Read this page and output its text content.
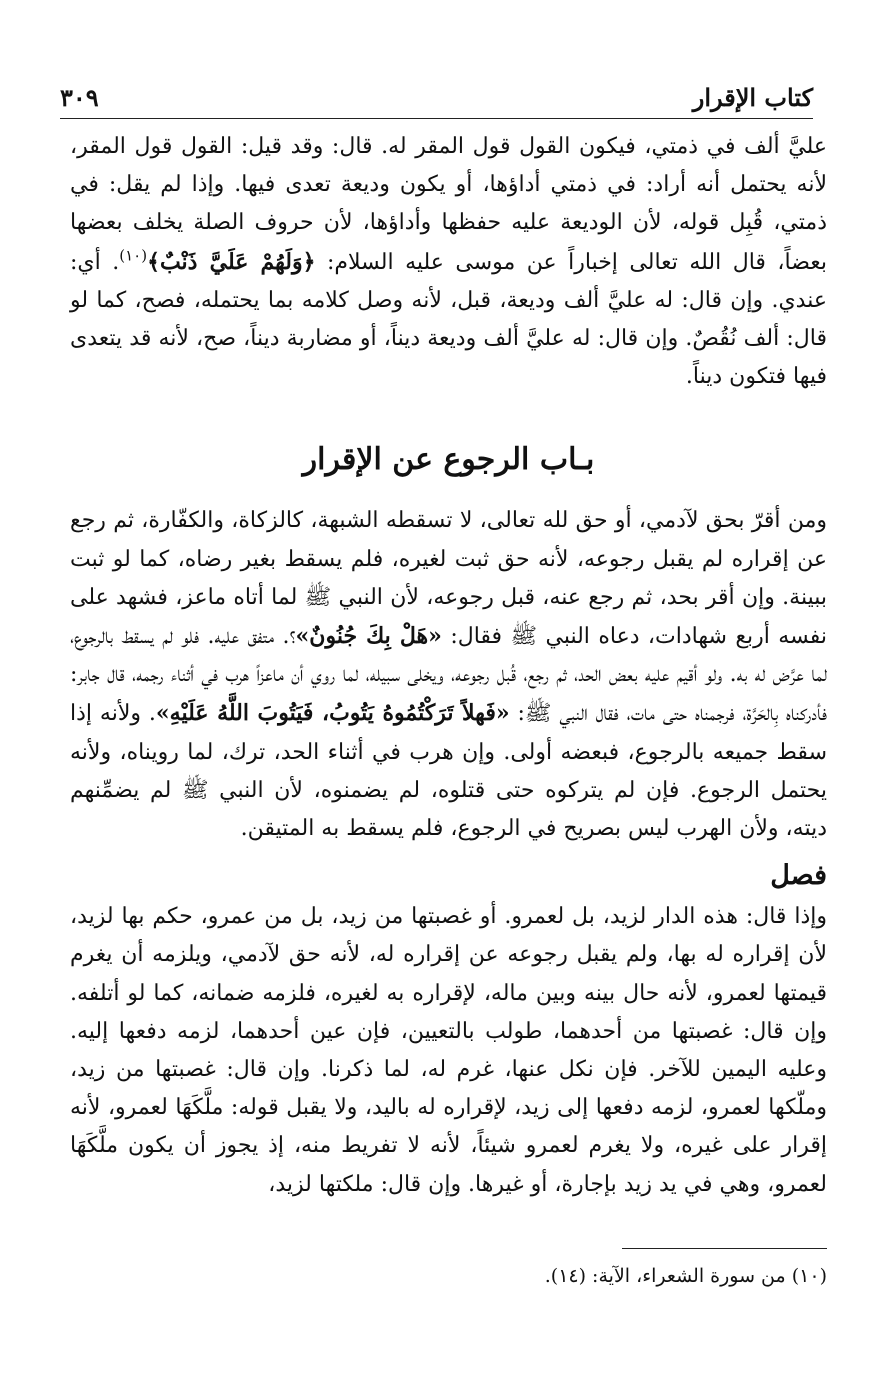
كتاب الإقرار
٣٠٩

عليَّ ألف في ذمتي، فيكون القول قول المقر له. قال: وقد قيل: القول قول المقر، لأنه يحتمل أنه أراد: في ذمتي أداؤها، أو يكون وديعة تعدى فيها. وإذا لم يقل: في ذمتي، قُبِل قوله، لأن الوديعة عليه حفظها وأداؤها، لأن حروف الصلة يخلف بعضها بعضاً، قال الله تعالى إخباراً عن موسى عليه السلام: ﴿وَلَهُمْ عَلَيَّ ذَنْبٌ﴾$^{(١٠)}$. أي: عندي. وإن قال: له عليَّ ألف وديعة، قبل، لأنه وصل كلامه بما يحتمله، فصح، كما لو قال: ألف نُقُصٌ. وإن قال: له عليَّ ألف وديعة ديناً، أو مضاربة ديناً، صح، لأنه قد يتعدى فيها فتكون ديناً.

بـاب الرجوع عن الإقرار

ومن أقرّ بحق لآدمي، أو حق لله تعالى، لا تسقطه الشبهة، كالزكاة، والكفّارة، ثم رجع عن إقراره لم يقبل رجوعه، لأنه حق ثبت لغيره، فلم يسقط بغير رضاه، كما لو ثبت ببينة. وإن أقر بحد، ثم رجع عنه، قبل رجوعه، لأن النبي ﷺ لما أتاه ماعز، فشهد على نفسه أربع شهادات، دعاه النبي ﷺ فقال: «هَلْ بِكَ جُنُونٌ»؟. متفق عليه. فلو لم يسقط بالرجوع، لما عرَّض له به. ولو أقيم عليه بعض الحد، ثم رجع، قُبل رجوعه، ويخلى سبيله، لما روي أن ماعزاً هرب في أثناء رجمه، قال جابر: فأدركناه بِالحَرَّة، فرجمناه حتى مات، فقال النبي ﷺ: «فَهلاً تَرَكْتُمُوهُ يَتُوبُ، فَيَتُوبَ اللَّهُ عَلَيْهِ». ولأنه إذا سقط جميعه بالرجوع، فبعضه أولى. وإن هرب في أثناء الحد، ترك، لما رويناه، ولأنه يحتمل الرجوع. فإن لم يتركوه حتى قتلوه، لم يضمنوه، لأن النبي ﷺ لم يضمِّنهم ديته، ولأن الهرب ليس بصريح في الرجوع، فلم يسقط به المتيقن.

فصل

وإذا قال: هذه الدار لزيد، بل لعمرو. أو غصبتها من زيد، بل من عمرو، حكم بها لزيد، لأن إقراره له بها، ولم يقبل رجوعه عن إقراره له، لأنه حق لآدمي، ويلزمه أن يغرم قيمتها لعمرو، لأنه حال بينه وبين ماله، لإقراره به لغيره، فلزمه ضمانه، كما لو أتلفه. وإن قال: غصبتها من أحدهما، طولب بالتعيين، فإن عين أحدهما، لزمه دفعها إليه. وعليه اليمين للآخر. فإن نكل عنها، غرم له، لما ذكرنا. وإن قال: غصبتها من زيد، وملّكها لعمرو، لزمه دفعها إلى زيد، لإقراره له باليد، ولا يقبل قوله: ملَّكَهَا لعمرو، لأنه إقرار على غيره، ولا يغرم لعمرو شيئاً، لأنه لا تفريط منه، إذ يجوز أن يكون ملَّكَهَا لعمرو، وهي في يد زيد بإجارة، أو غيرها. وإن قال: ملكتها لزيد،

(١٠) من سورة الشعراء، الآية: (١٤).
